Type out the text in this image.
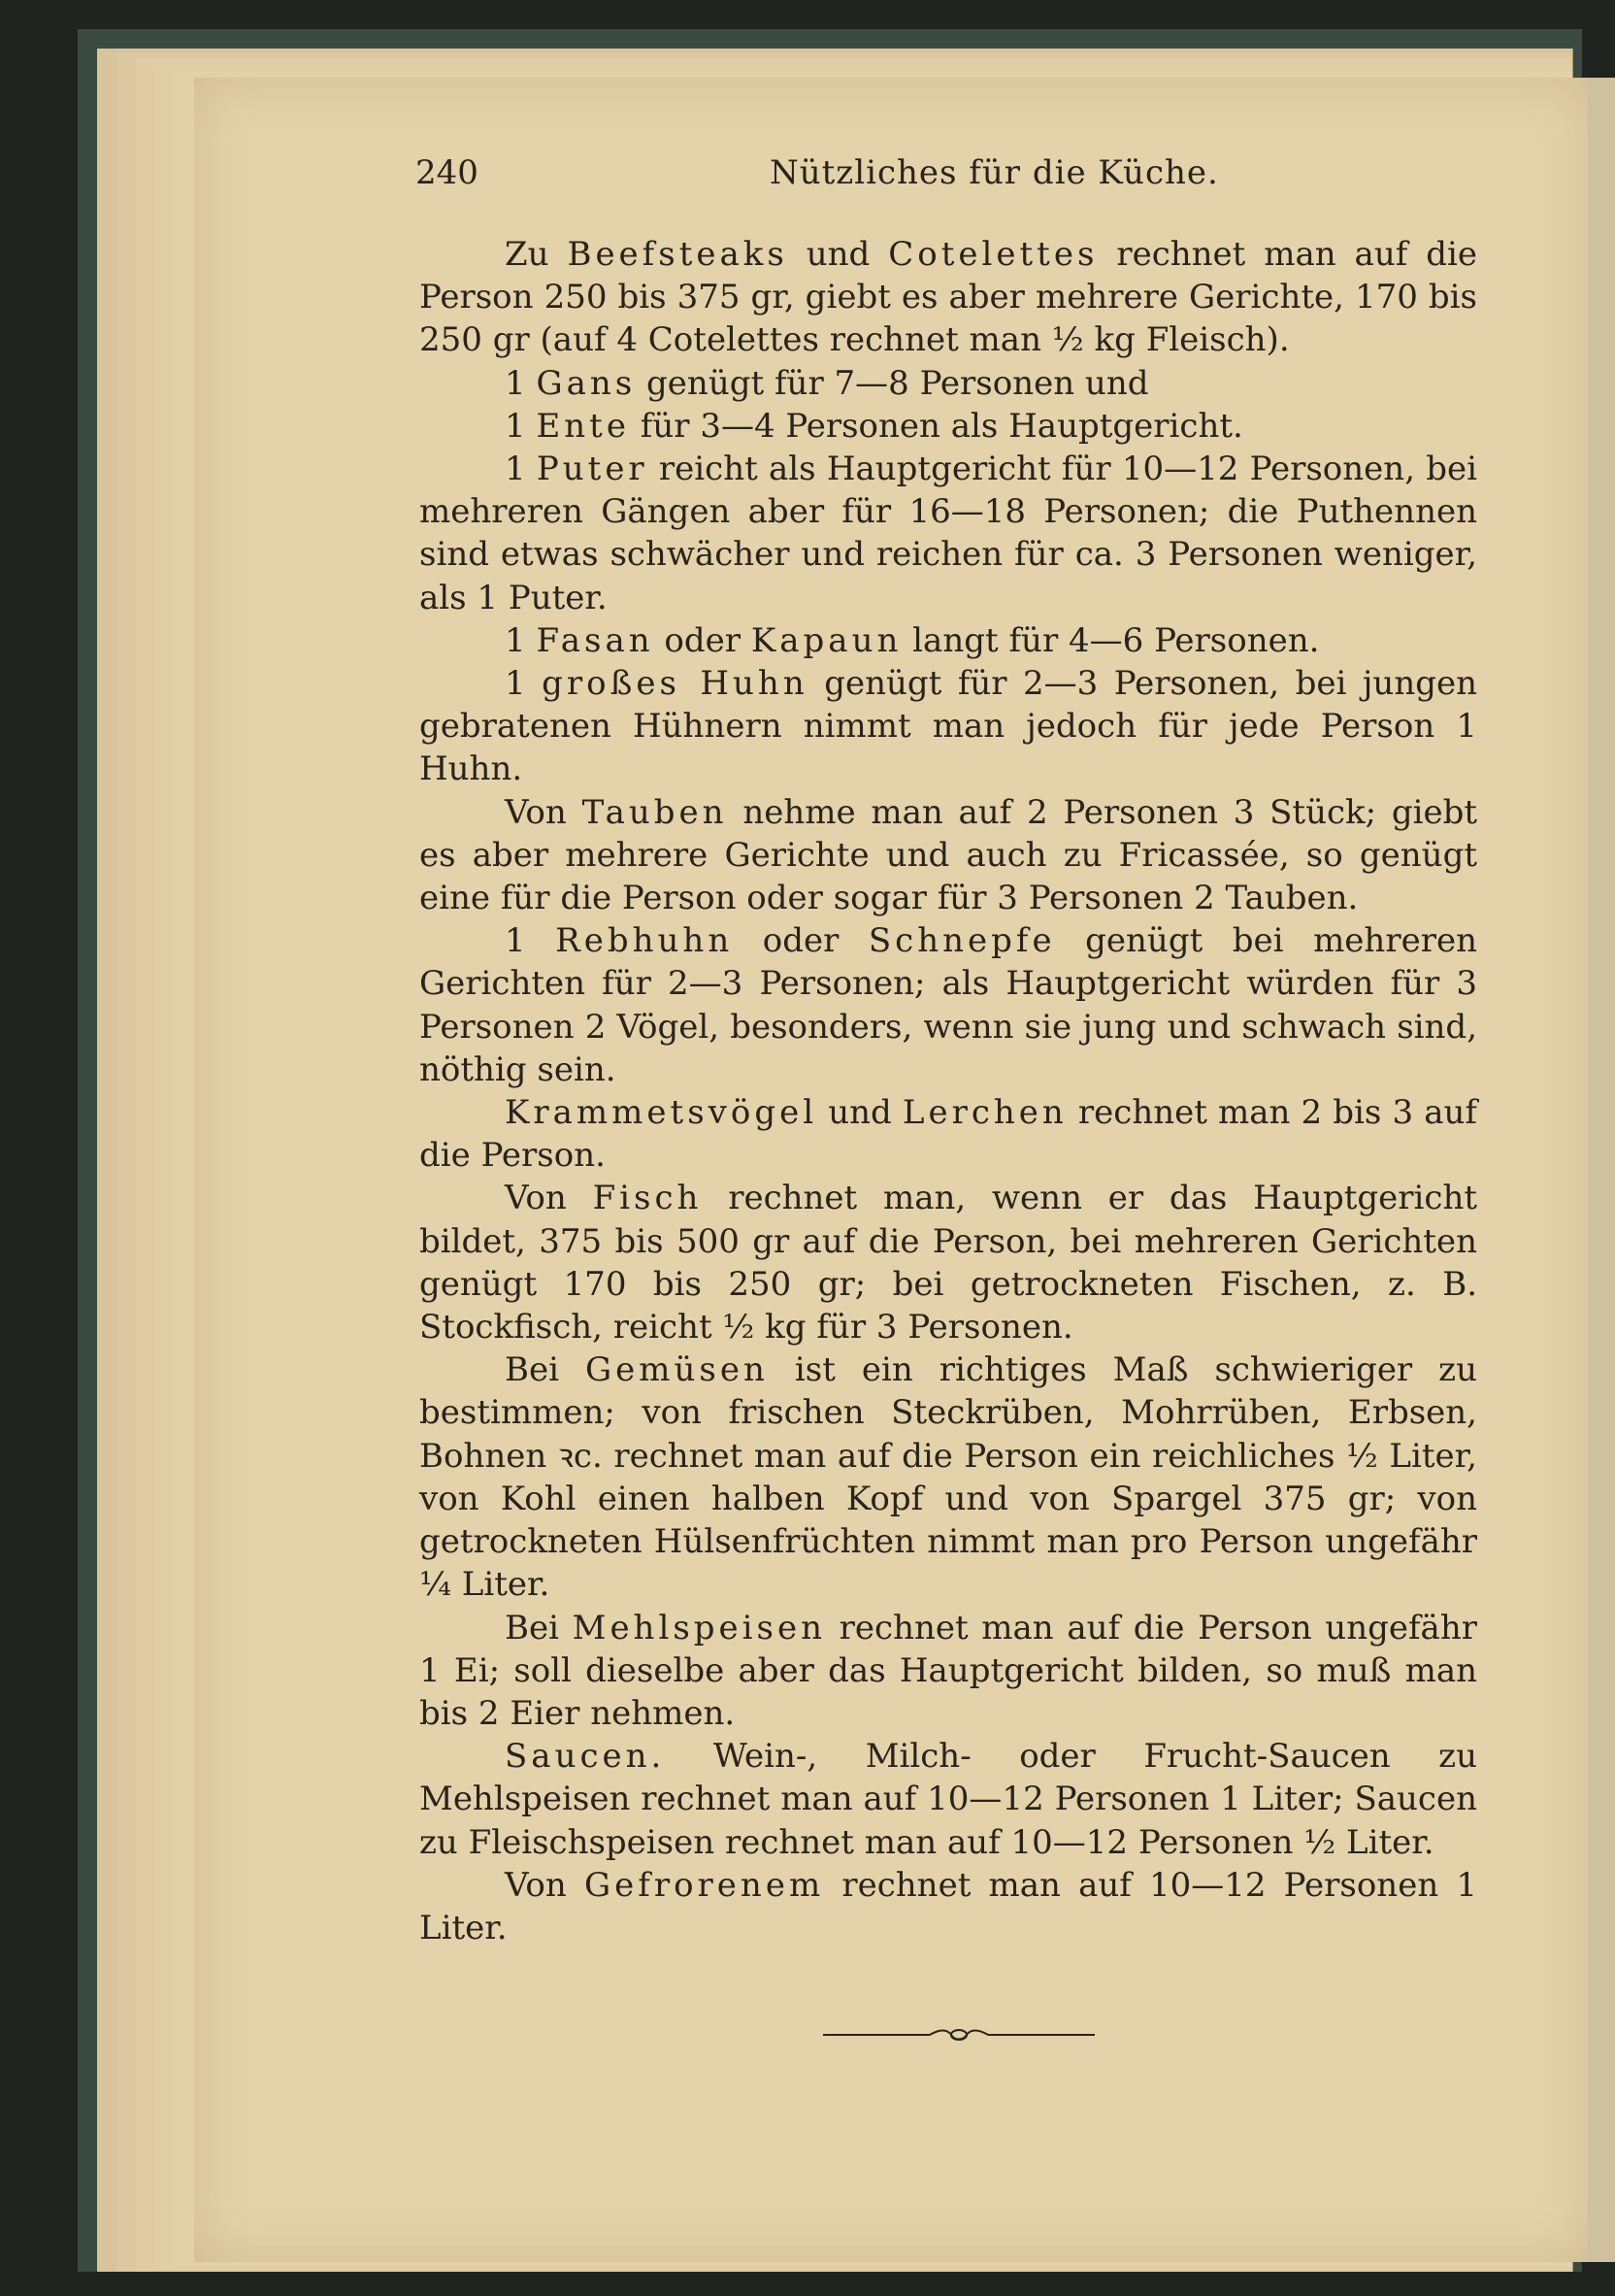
240	Nützliches für die Küche.

Zu Beefsteaks und Cotelettes rechnet man auf die Person 250 bis 375 gr, giebt es aber mehrere Gerichte, 170 bis 250 gr (auf 4 Cotelettes rechnet man ½ kg Fleisch).

1 Gans genügt für 7—8 Personen und

1 Ente für 3—4 Personen als Hauptgericht.

1 Puter reicht als Hauptgericht für 10—12 Personen, bei mehreren Gängen aber für 16—18 Personen; die Puthennen sind etwas schwächer und reichen für ca. 3 Personen weniger, als 1 Puter.

1 Fasan oder Kapaun langt für 4—6 Personen.

1 großes Huhn genügt für 2—3 Personen, bei jungen gebratenen Hühnern nimmt man jedoch für jede Person 1 Huhn.

Von Tauben nehme man auf 2 Personen 3 Stück; giebt es aber mehrere Gerichte und auch zu Fricassée, so genügt eine für die Person oder sogar für 3 Personen 2 Tauben.

1 Rebhuhn oder Schnepfe genügt bei mehreren Gerichten für 2—3 Personen; als Hauptgericht würden für 3 Personen 2 Vögel, besonders, wenn sie jung und schwach sind, nöthig sein.

Krammetsvögel und Lerchen rechnet man 2 bis 3 auf die Person.

Von Fisch rechnet man, wenn er das Hauptgericht bildet, 375 bis 500 gr auf die Person, bei mehreren Gerichten genügt 170 bis 250 gr; bei getrockneten Fischen, z. B. Stockfisch, reicht ½ kg für 3 Personen.

Bei Gemüsen ist ein richtiges Maß schwieriger zu bestimmen; von frischen Steckrüben, Mohrrüben, Erbsen, Bohnen ꝛc. rechnet man auf die Person ein reichliches ½ Liter, von Kohl einen halben Kopf und von Spargel 375 gr; von getrockneten Hülsenfrüchten nimmt man pro Person ungefähr ¼ Liter.

Bei Mehlspeisen rechnet man auf die Person ungefähr 1 Ei; soll dieselbe aber das Hauptgericht bilden, so muß man bis 2 Eier nehmen.

Saucen. Wein-, Milch- oder Frucht-Saucen zu Mehlspeisen rechnet man auf 10—12 Personen 1 Liter; Saucen zu Fleischspeisen rechnet man auf 10—12 Personen ½ Liter.

Von Gefrorenem rechnet man auf 10—12 Personen 1 Liter.
